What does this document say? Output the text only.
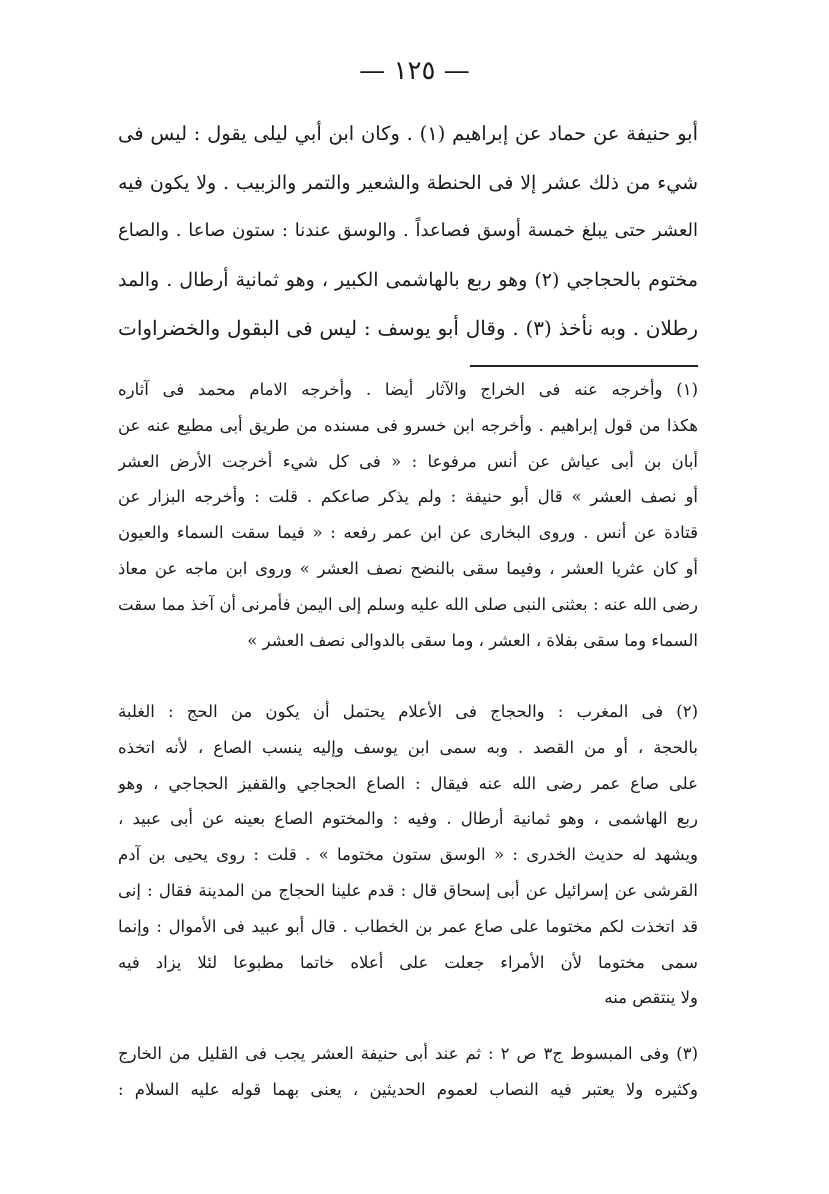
— ١٢٥ —
أبو حنيفة عن حماد عن إبراهيم (١) . وكان ابن أبي ليلى يقول : ليس فى
شيء من ذلك عشر إلا فى الحنطة والشعير والتمر والزبيب . ولا يكون فيه
العشر حتى يبلغ خمسة أوسق فصاعداً . والوسق عندنا : ستون صاعا . والصاع
مختوم بالحجاجي (٢) وهو ربع بالهاشمى الكبير ، وهو ثمانية أرطال . والمد
رطلان . وبه نأخذ (٣) . وقال أبو يوسف : ليس فى البقول والخضراوات
(١) وأخرجه عنه فى الخراج والآثار أيضا . وأخرجه الامام محمد فى آثاره
هكذا من قول إبراهيم . وأخرجه ابن خسرو فى مسنده من طريق أبى مطيع عنه عن
أبان بن أبى عياش عن أنس مرفوعا : « فى كل شيء أخرجت الأرض العشر
أو نصف العشر » قال أبو حنيفة : ولم يذكر صاعكم . قلت : وأخرجه البزار عن
قتادة عن أنس . وروى البخارى عن ابن عمر رفعه : « فيما سقت السماء والعيون
أو كان عثريا العشر ، وفيما سقى بالنضح نصف العشر » وروى ابن ماجه عن معاذ
رضى الله عنه : بعثنى النبى صلى الله عليه وسلم إلى اليمن فأمرنى أن آخذ مما سقت
السماء وما سقى بفلاة ، العشر ، وما سقى بالدوالى نصف العشر »
(٢) فى المغرب : والحجاج فى الأعلام يحتمل أن يكون من الحج : الغلبة
بالحجة ، أو من القصد . وبه سمى ابن يوسف وإليه ينسب الصاع ، لأنه اتخذه
على صاع عمر رضى الله عنه فيقال : الصاع الحجاجي والقفيز الحجاجي ، وهو
ربع الهاشمى ، وهو ثمانية أرطال . وفيه : والمختوم الصاع بعينه عن أبى عبيد ،
ويشهد له حديث الخدرى : « الوسق ستون مختوما » . قلت : روى يحيى بن آدم
القرشى عن إسرائيل عن أبى إسحاق قال : قدم علينا الحجاج من المدينة فقال : إنى
قد اتخذت لكم مختوما على صاع عمر بن الخطاب . قال أبو عبيد فى الأموال : وإنما
سمى مختوما لأن الأمراء جعلت على أعلاه خاتما مطبوعا لئلا يزاد فيه
ولا ينتقص منه
(٣) وفى المبسوط ج٣ ص ٢ : ثم عند أبى حنيفة العشر يجب فى القليل من الخارج
وكثيره ولا يعتبر فيه النصاب لعموم الحديثين ، يعنى بهما قوله عليه السلام :
